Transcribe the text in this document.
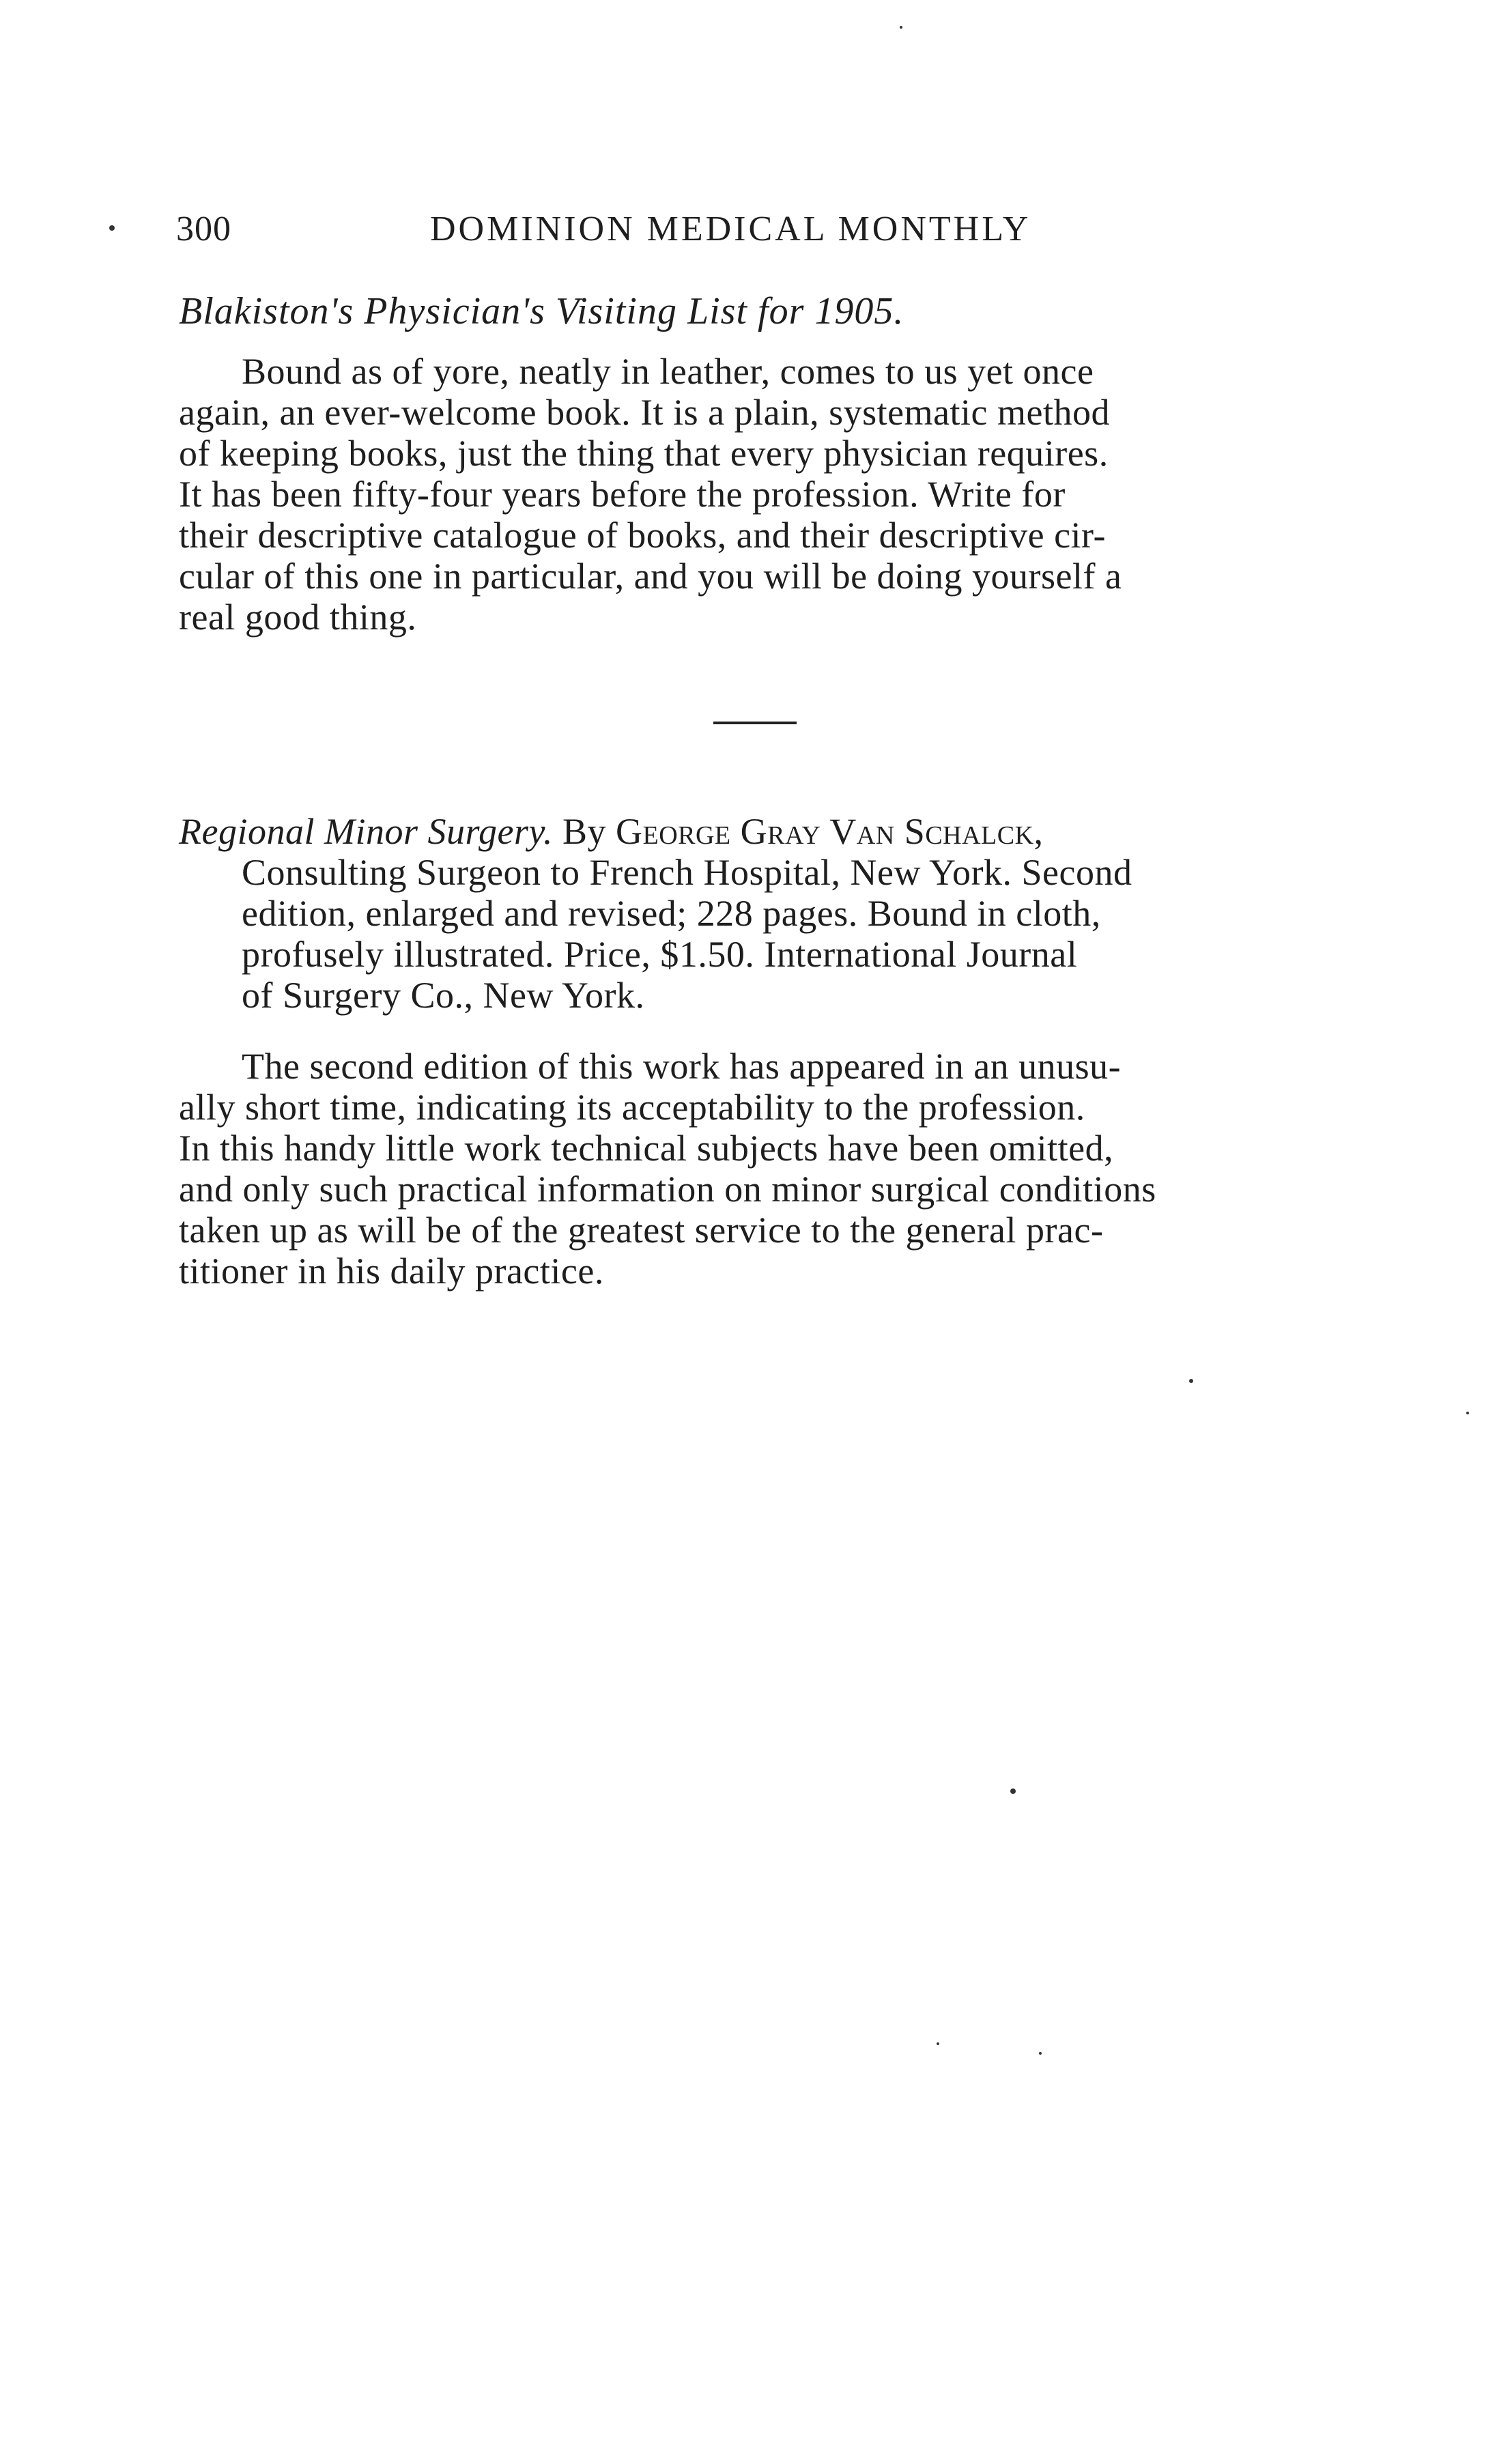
300	DOMINION MEDICAL MONTHLY
Blakiston's Physician's Visiting List for 1905.
Bound as of yore, neatly in leather, comes to us yet once
again, an ever-welcome book. It is a plain, systematic method
of keeping books, just the thing that every physician requires.
It has been fifty-four years before the profession. Write for
their descriptive catalogue of books, and their descriptive cir-
cular of this one in particular, and you will be doing yourself a
real good thing.
Regional Minor Surgery. By George Gray Van Schalck,
Consulting Surgeon to French Hospital, New York. Second
edition, enlarged and revised; 228 pages. Bound in cloth,
profusely illustrated. Price, $1.50. International Journal
of Surgery Co., New York.
The second edition of this work has appeared in an unusu-
ally short time, indicating its acceptability to the profession.
In this handy little work technical subjects have been omitted,
and only such practical information on minor surgical conditions
taken up as will be of the greatest service to the general prac-
titioner in his daily practice.
